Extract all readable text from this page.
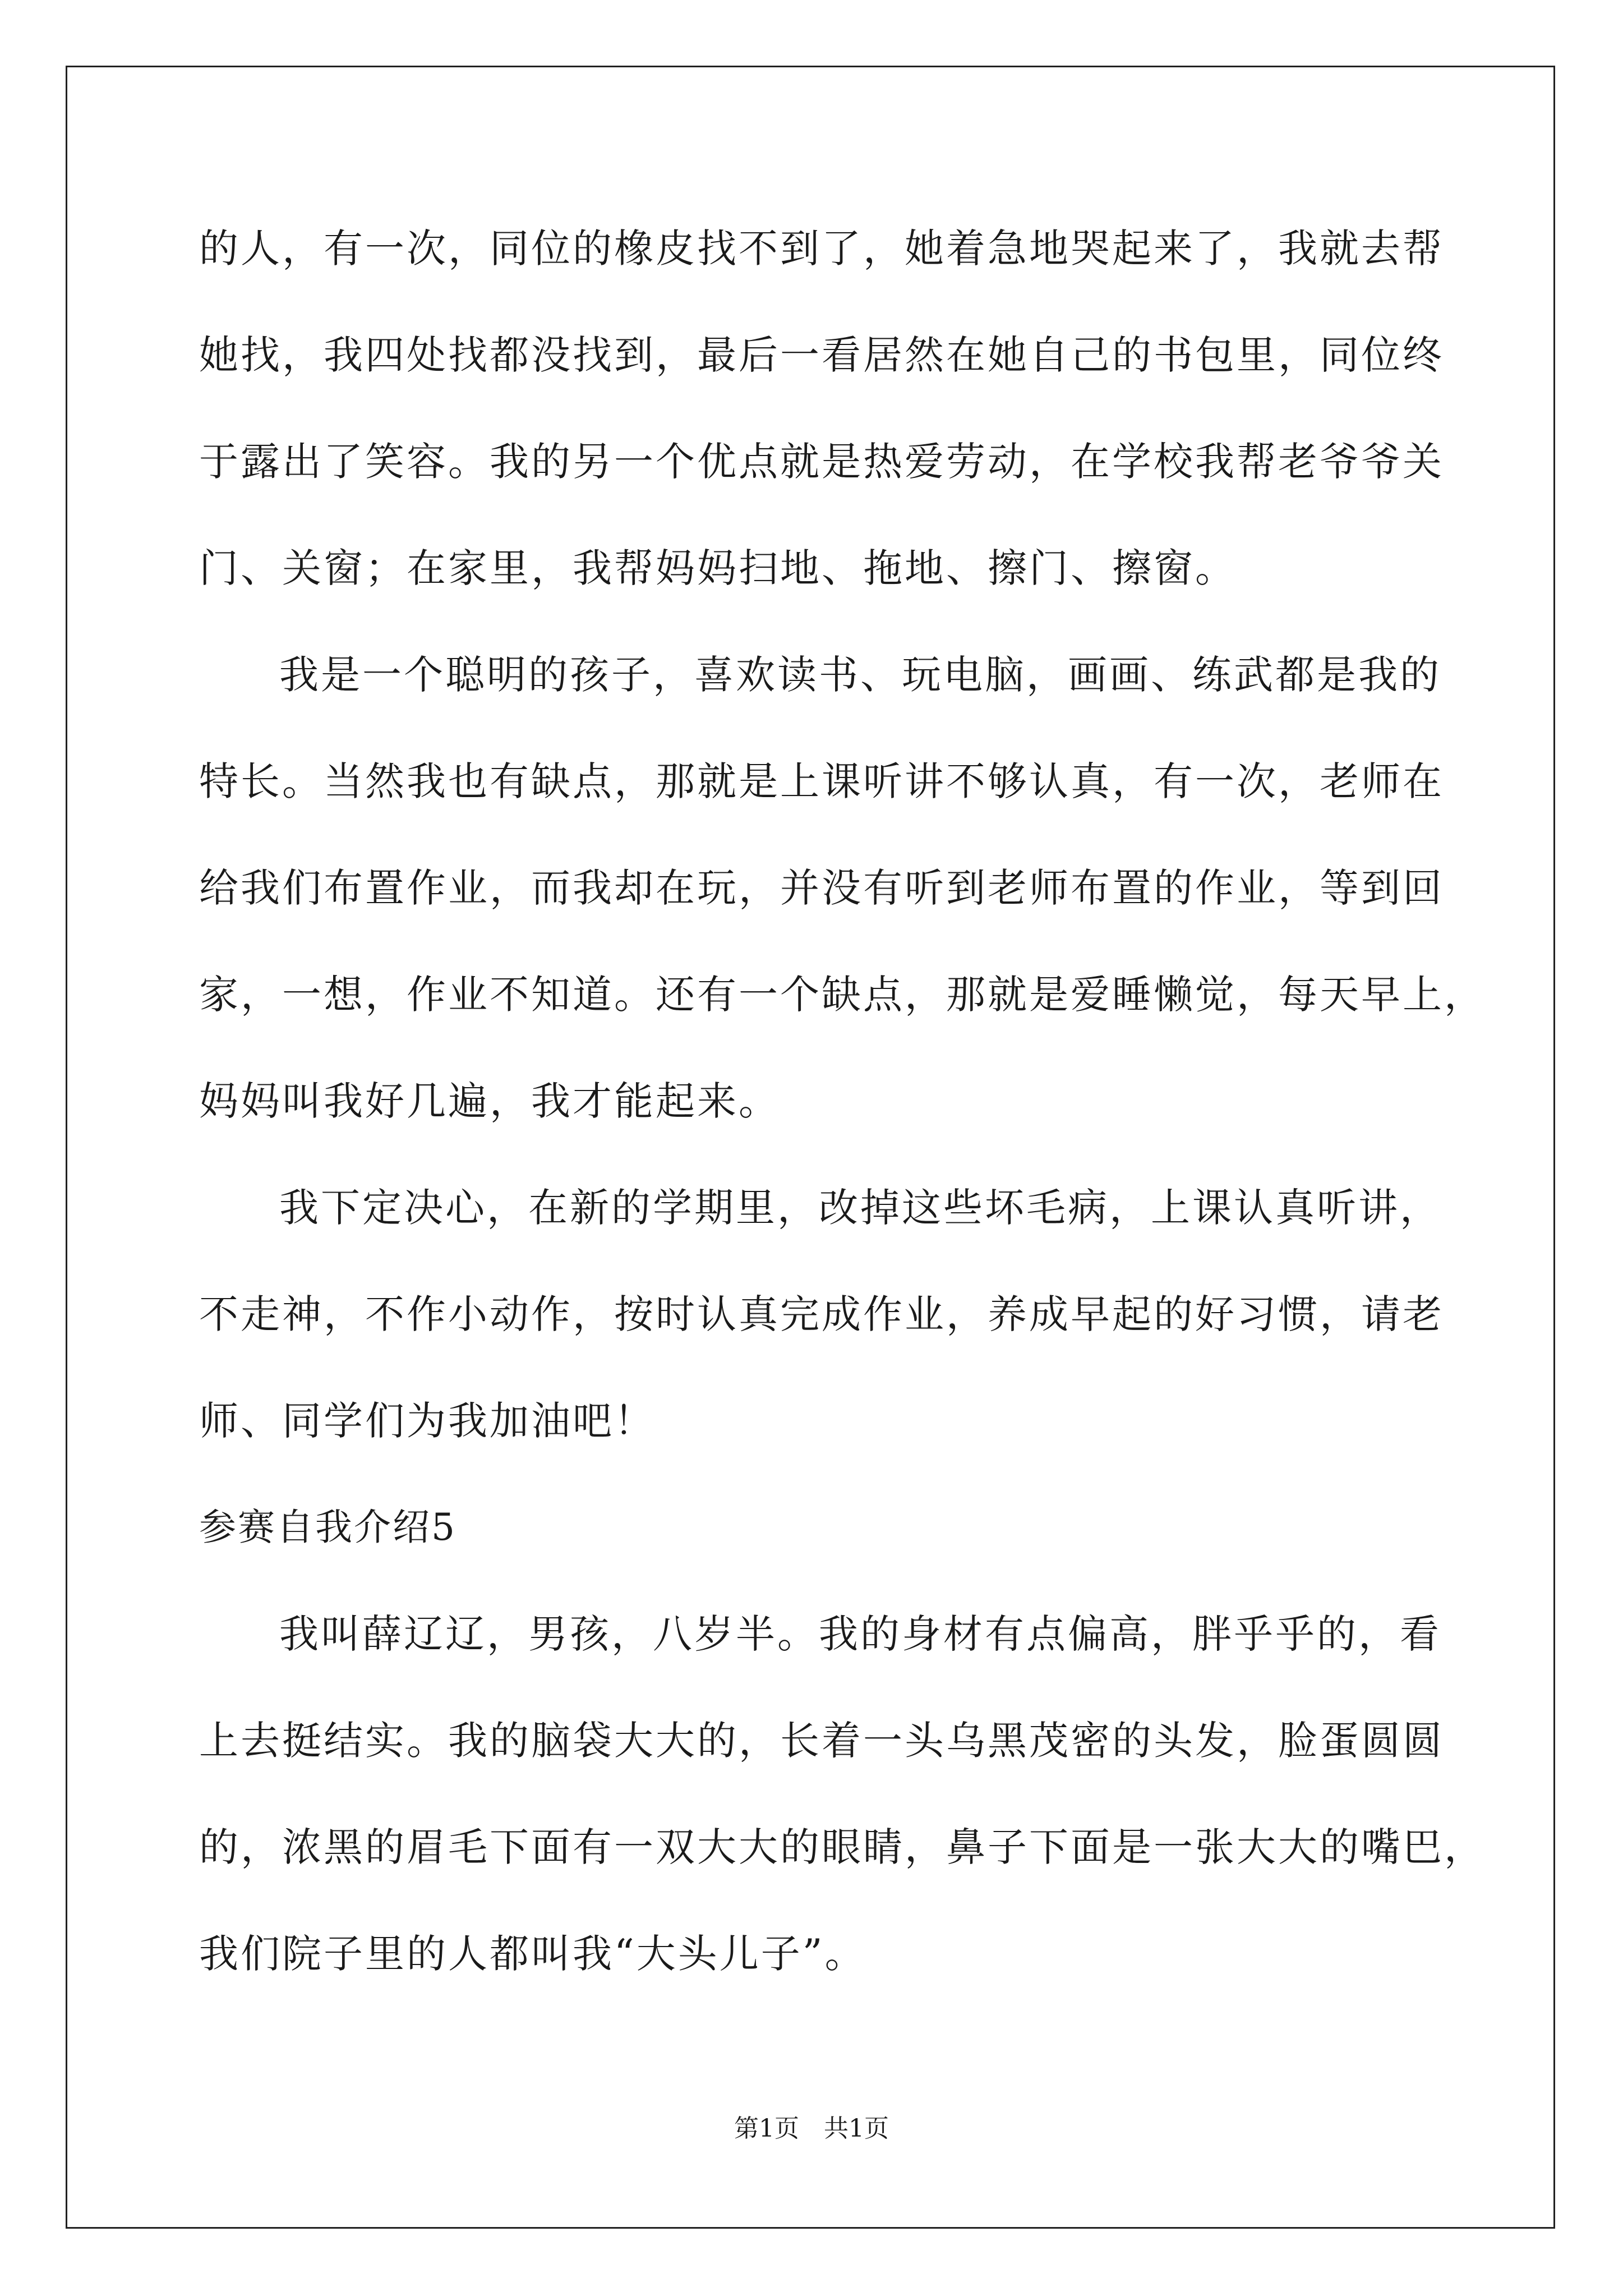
的人，有一次，同位的橡皮找不到了，她着急地哭起来了，我就去帮
她找，我四处找都没找到，最后一看居然在她自己的书包里，同位终
于露出了笑容。我的另一个优点就是热爱劳动，在学校我帮老爷爷关
门、关窗；在家里，我帮妈妈扫地、拖地、擦门、擦窗。
我是一个聪明的孩子，喜欢读书、玩电脑，画画、练武都是我的
特长。当然我也有缺点，那就是上课听讲不够认真，有一次，老师在
给我们布置作业，而我却在玩，并没有听到老师布置的作业，等到回
家，一想，作业不知道。还有一个缺点，那就是爱睡懒觉，每天早上，
妈妈叫我好几遍，我才能起来。
我下定决心，在新的学期里，改掉这些坏毛病，上课认真听讲，
不走神，不作小动作，按时认真完成作业，养成早起的好习惯，请老
师、同学们为我加油吧！
参赛自我介绍5
我叫薛辽辽，男孩，八岁半。我的身材有点偏高，胖乎乎的，看
上去挺结实。我的脑袋大大的，长着一头乌黑茂密的头发，脸蛋圆圆
的，浓黑的眉毛下面有一双大大的眼睛，鼻子下面是一张大大的嘴巴，
我们院子里的人都叫我“大头儿子”。
第1页　共1页
